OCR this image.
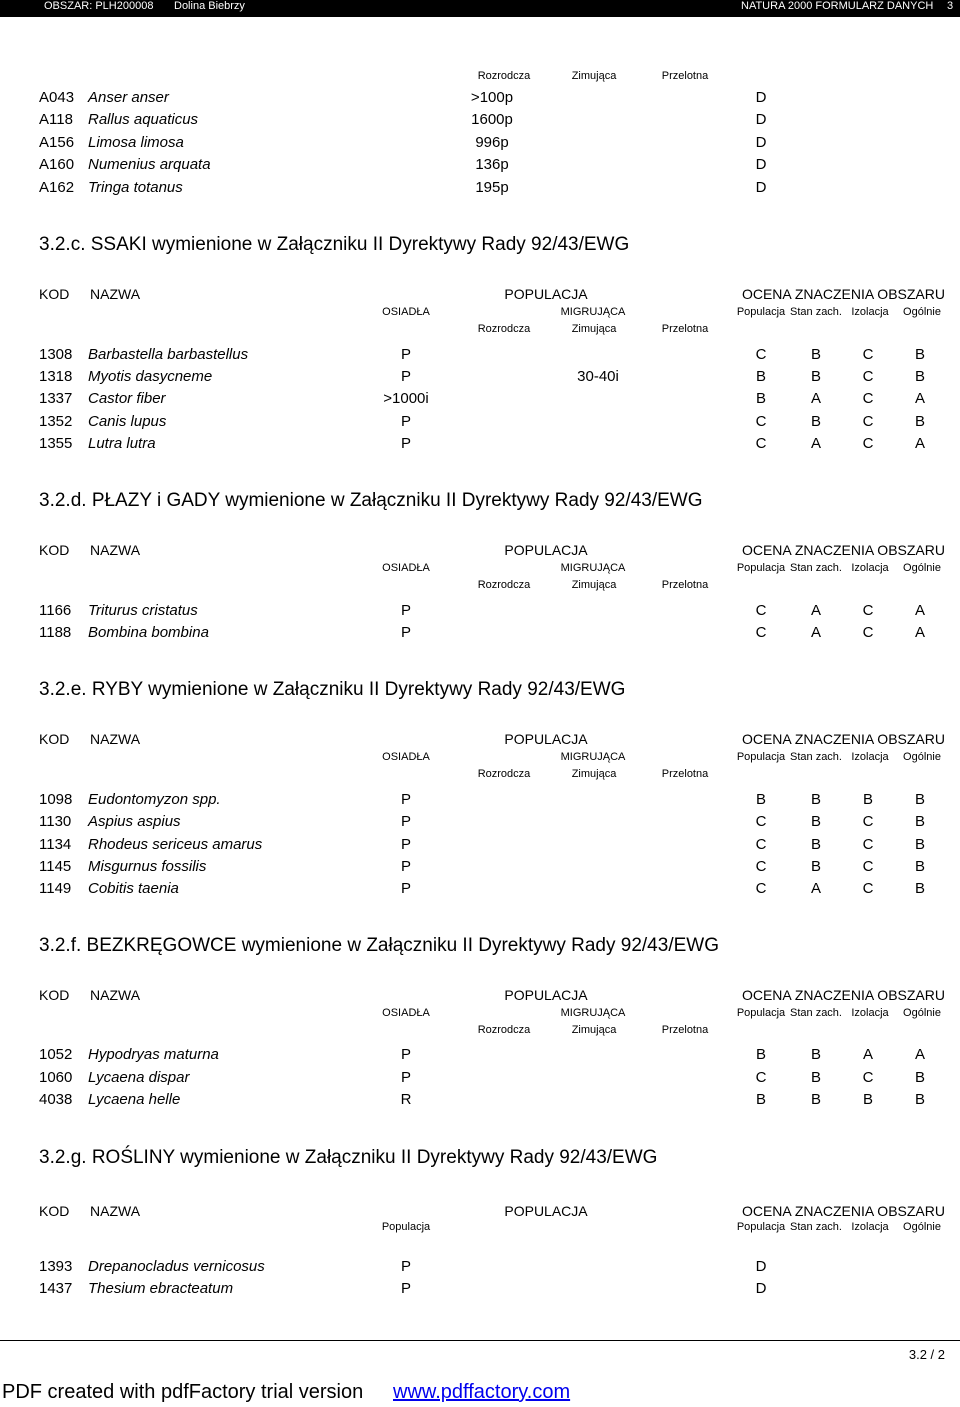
OBSZAR: PLH200008 Dolina Biebrzy	NATURA 2000 FORMULARZ DANYCH 3
Rozrodcza	Zimująca	Przelotna
A043 Anser anser	>100p	D
A118 Rallus aquaticus	1600p	D
A156 Limosa limosa	996p	D
A160 Numenius arquata	136p	D
A162 Tringa totanus	195p	D
3.2.c. SSAKI wymienione w Załączniku II Dyrektywy Rady 92/43/EWG
KOD NAZWA	POPULACJA	OCENA ZNACZENIA OBSZARU
OSIADŁA	MIGRUJĄCA	Populacja Stan zach. Izolacja Ogólnie
Rozrodcza	Zimująca	Przelotna
1308 Barbastella barbastellus	P	C	B	C	B
1318 Myotis dasycneme	P	30-40i	B	B	C	B
1337 Castor fiber	>1000i	B	A	C	A
1352 Canis lupus	P	C	B	C	B
1355 Lutra lutra	P	C	A	C	A
3.2.d. PŁAZY i GADY wymienione w Załączniku II Dyrektywy Rady 92/43/EWG
KOD NAZWA	POPULACJA	OCENA ZNACZENIA OBSZARU
OSIADŁA	MIGRUJĄCA	Populacja Stan zach. Izolacja Ogólnie
Rozrodcza	Zimująca	Przelotna
1166 Triturus cristatus	P	C	A	C	A
1188 Bombina bombina	P	C	A	C	A
3.2.e. RYBY wymienione w Załączniku II Dyrektywy Rady 92/43/EWG
KOD NAZWA	POPULACJA	OCENA ZNACZENIA OBSZARU
OSIADŁA	MIGRUJĄCA	Populacja Stan zach. Izolacja Ogólnie
Rozrodcza	Zimująca	Przelotna
1098 Eudontomyzon spp.	P	B	B	B	B
1130 Aspius aspius	P	C	B	C	B
1134 Rhodeus sericeus amarus	P	C	B	C	B
1145 Misgurnus fossilis	P	C	B	C	B
1149 Cobitis taenia	P	C	A	C	B
3.2.f. BEZKRĘGOWCE wymienione w Załączniku II Dyrektywy Rady 92/43/EWG
KOD NAZWA	POPULACJA	OCENA ZNACZENIA OBSZARU
OSIADŁA	MIGRUJĄCA	Populacja Stan zach. Izolacja Ogólnie
Rozrodcza	Zimująca	Przelotna
1052 Hypodryas maturna	P	B	B	A	A
1060 Lycaena dispar	P	C	B	C	B
4038 Lycaena helle	R	B	B	B	B
3.2.g. ROŚLINY wymienione w Załączniku II Dyrektywy Rady 92/43/EWG
KOD NAZWA	POPULACJA	OCENA ZNACZENIA OBSZARU
Populacja	Populacja Stan zach. Izolacja Ogólnie
1393 Drepanocladus vernicosus	P	D
1437 Thesium ebracteatum	P	D
3.2 / 2
PDF created with pdfFactory trial version www.pdffactory.com
